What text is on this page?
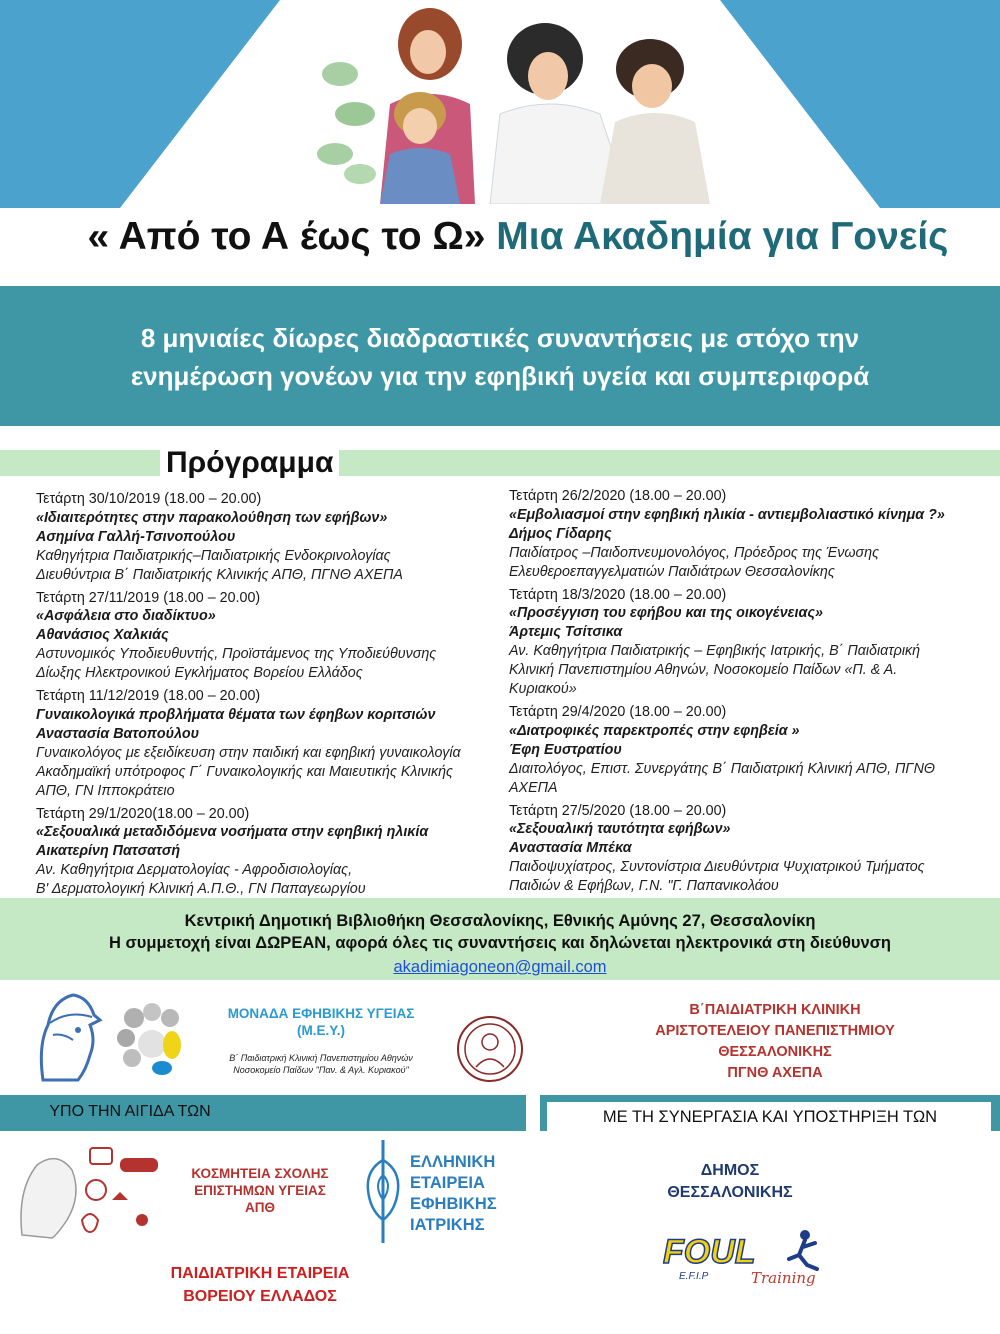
« Από το Α έως το Ω» Μια Ακαδημία για Γονείς
8 μηνιαίες δίωρες διαδραστικές συναντήσεις με στόχο την
ενημέρωση γονέων για την εφηβική υγεία και συμπεριφορά
Πρόγραμμα
Τετάρτη 30/10/2019 (18.00 – 20.00)
«Ιδιαιτερότητες στην παρακολούθηση των εφήβων»
Ασημίνα Γαλλή-Τσινοπούλου
Καθηγήτρια Παιδιατρικής–Παιδιατρικής Ενδοκρινολογίας
Διευθύντρια Β΄ Παιδιατρικής Κλινικής ΑΠΘ, ΠΓΝΘ ΑΧΕΠΑ
Τετάρτη 27/11/2019 (18.00 – 20.00)
«Ασφάλεια στο διαδίκτυο»
Αθανάσιος Χαλκιάς
Αστυνομικός Υποδιευθυντής, Προϊστάμενος της Υποδιεύθυνσης
Δίωξης Ηλεκτρονικού Εγκλήματος Βορείου Ελλάδος
Τετάρτη 11/12/2019 (18.00 – 20.00)
Γυναικολογικά προβλήματα θέματα των έφηβων κοριτσιών
Αναστασία Βατοπούλου
Γυναικολόγος με εξειδίκευση στην παιδική και εφηβική γυναικολογία
Ακαδημαϊκή υπότροφος Γ΄ Γυναικολογικής και Μαιευτικής Κλινικής
ΑΠΘ, ΓΝ Ιπποκράτειο
Τετάρτη 29/1/2020(18.00 – 20.00)
«Σεξουαλικά μεταδιδόμενα νοσήματα στην εφηβική ηλικία
Αικατερίνη Πατσατσή
Αν. Καθηγήτρια Δερματολογίας - Αφροδισιολογίας,
Β' Δερματολογική Κλινική Α.Π.Θ., ΓΝ Παπαγεωργίου
Τετάρτη 26/2/2020 (18.00 – 20.00)
«Εμβολιασμοί στην εφηβική ηλικία - αντιεμβολιαστικό κίνημα ?»
Δήμος Γίδαρης
Παιδίατρος –Παιδοπνευμονολόγος, Πρόεδρος της Ένωσης
Ελευθεροεπαγγελματιών Παιδιάτρων Θεσσαλονίκης
Τετάρτη 18/3/2020 (18.00 – 20.00)
«Προσέγγιση του εφήβου και της οικογένειας»
Άρτεμις Τσίτσικα
Αν. Καθηγήτρια Παιδιατρικής – Εφηβικής Ιατρικής, Β΄ Παιδιατρική
Κλινική Πανεπιστημίου Αθηνών, Νοσοκομείο Παίδων «Π. & Α.
Κυριακού»
Τετάρτη 29/4/2020 (18.00 – 20.00)
«Διατροφικές παρεκτροπές στην εφηβεία »
Έφη Ευστρατίου
Διαιτολόγος, Επιστ. Συνεργάτης Β΄ Παιδιατρική Κλινική ΑΠΘ, ΠΓΝΘ
ΑΧΕΠΑ
Τετάρτη 27/5/2020 (18.00 – 20.00)
«Σεξουαλική ταυτότητα εφήβων»
Αναστασία Μπέκα
Παιδοψυχίατρος, Συντονίστρια Διευθύντρια Ψυχιατρικού Τμήματος
Παιδιών & Εφήβων, Γ.Ν. "Γ. Παπανικολάου
Κεντρική Δημοτική Βιβλιοθήκη Θεσσαλονίκης, Εθνικής Αμύνης 27, Θεσσαλονίκη
Η συμμετοχή είναι ΔΩΡΕΑΝ, αφορά όλες τις συναντήσεις και δηλώνεται ηλεκτρονικά στη διεύθυνση
akadimiagoneon@gmail.com
ΜΟΝΑΔΑ ΕΦΗΒΙΚΗΣ ΥΓΕΙΑΣ
(Μ.Ε.Υ.)
Β΄ Παιδιατρική Κλινική Πανεπιστημίου Αθηνών
Νοσοκομείο Παίδων "Παν. & Αγλ. Κυριακού"
Β΄ΠΑΙΔΙΑΤΡΙΚΗ ΚΛΙΝΙΚΗ
ΑΡΙΣΤΟΤΕΛΕΙΟΥ ΠΑΝΕΠΙΣΤΗΜΙΟΥ
ΘΕΣΣΑΛΟΝΙΚΗΣ
ΠΓΝΘ ΑΧΕΠΑ
ΥΠΟ ΤΗΝ ΑΙΓΙΔΑ ΤΩΝ	ΜΕ ΤΗ ΣΥΝΕΡΓΑΣΙΑ ΚΑΙ ΥΠΟΣΤΗΡΙΞΗ ΤΩΝ
ΚΟΣΜΗΤΕΙΑ ΣΧΟΛΗΣ
ΕΠΙΣΤΗΜΩΝ ΥΓΕΙΑΣ
ΑΠΘ
ΕΛΛΗΝΙΚΗ
ΕΤΑΙΡΕΙΑ
ΕΦΗΒΙΚΗΣ
ΙΑΤΡΙΚΗΣ
ΔΗΜΟΣ
ΘΕΣΣΑΛΟΝΙΚΗΣ
FOUL
E.F.I.P	Training
ΠΑΙΔΙΑΤΡΙΚΗ ΕΤΑΙΡΕΙΑ
ΒΟΡΕΙΟΥ ΕΛΛΑΔΟΣ
